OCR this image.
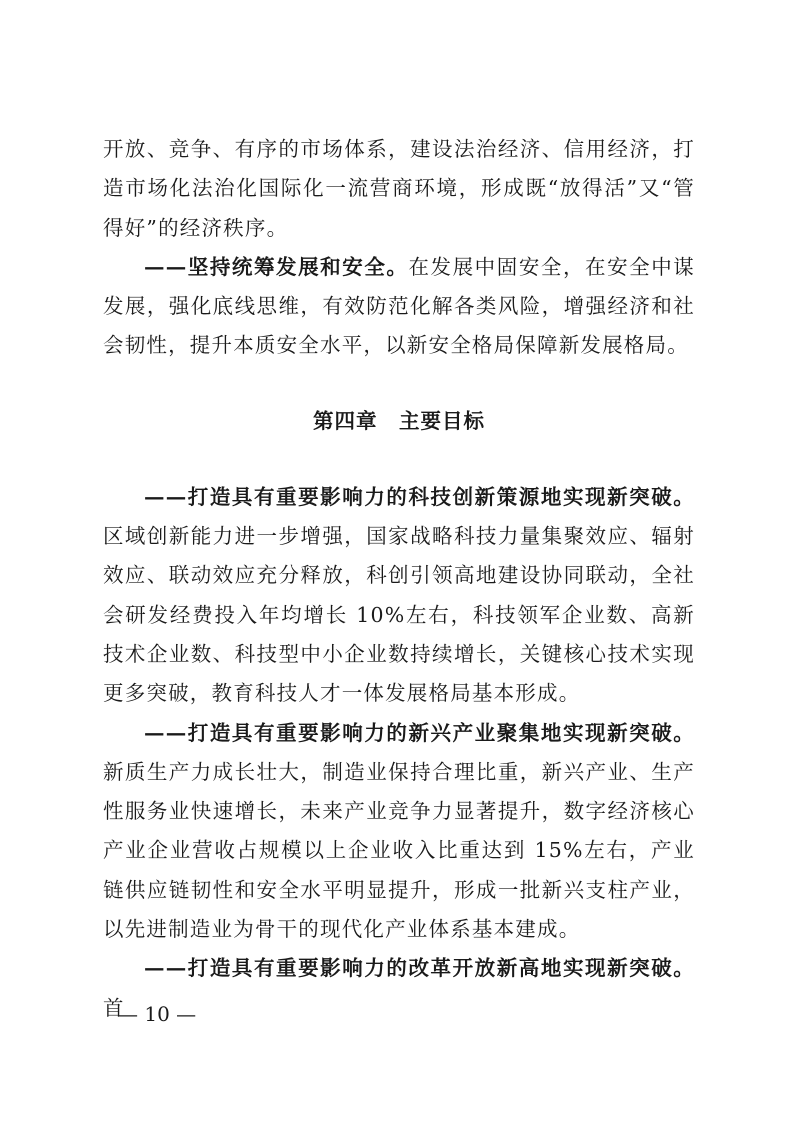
开放、竞争、有序的市场体系，建设法治经济、信用经济，打造市场化法治化国际化一流营商环境，形成既“放得活”又“管得好”的经济秩序。

——坚持统筹发展和安全。在发展中固安全，在安全中谋发展，强化底线思维，有效防范化解各类风险，增强经济和社会韧性，提升本质安全水平，以新安全格局保障新发展格局。

第四章　主要目标

——打造具有重要影响力的科技创新策源地实现新突破。区域创新能力进一步增强，国家战略科技力量集聚效应、辐射效应、联动效应充分释放，科创引领高地建设协同联动，全社会研发经费投入年均增长 10%左右，科技领军企业数、高新技术企业数、科技型中小企业数持续增长，关键核心技术实现更多突破，教育科技人才一体发展格局基本形成。

——打造具有重要影响力的新兴产业聚集地实现新突破。新质生产力成长壮大，制造业保持合理比重，新兴产业、生产性服务业快速增长，未来产业竞争力显著提升，数字经济核心产业企业营收占规模以上企业收入比重达到 15%左右，产业链供应链韧性和安全水平明显提升，形成一批新兴支柱产业，以先进制造业为骨干的现代化产业体系基本建成。

——打造具有重要影响力的改革开放新高地实现新突破。首

— 10 —
